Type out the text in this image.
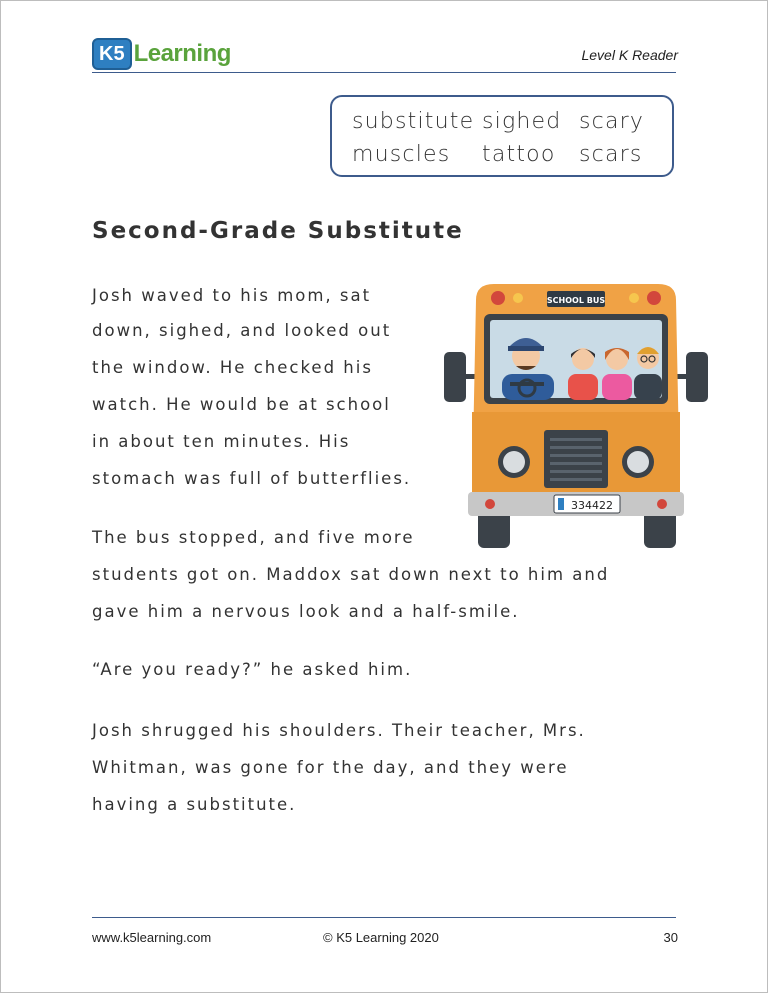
K5 Learning	Level K Reader
substitute sighed scary
muscles tattoo scars
Second-Grade Substitute
Josh waved to his mom, sat
down, sighed, and looked out
the window. He checked his
watch. He would be at school
in about ten minutes. His
stomach was full of butterflies.
The bus stopped, and five more
students got on. Maddox sat down next to him and
gave him a nervous look and a half-smile.
“Are you ready?” he asked him.
Josh shrugged his shoulders. Their teacher, Mrs.
Whitman, was gone for the day, and they were
having a substitute.
SCHOOL BUS
334422
www.k5learning.com	© K5 Learning 2020	30
